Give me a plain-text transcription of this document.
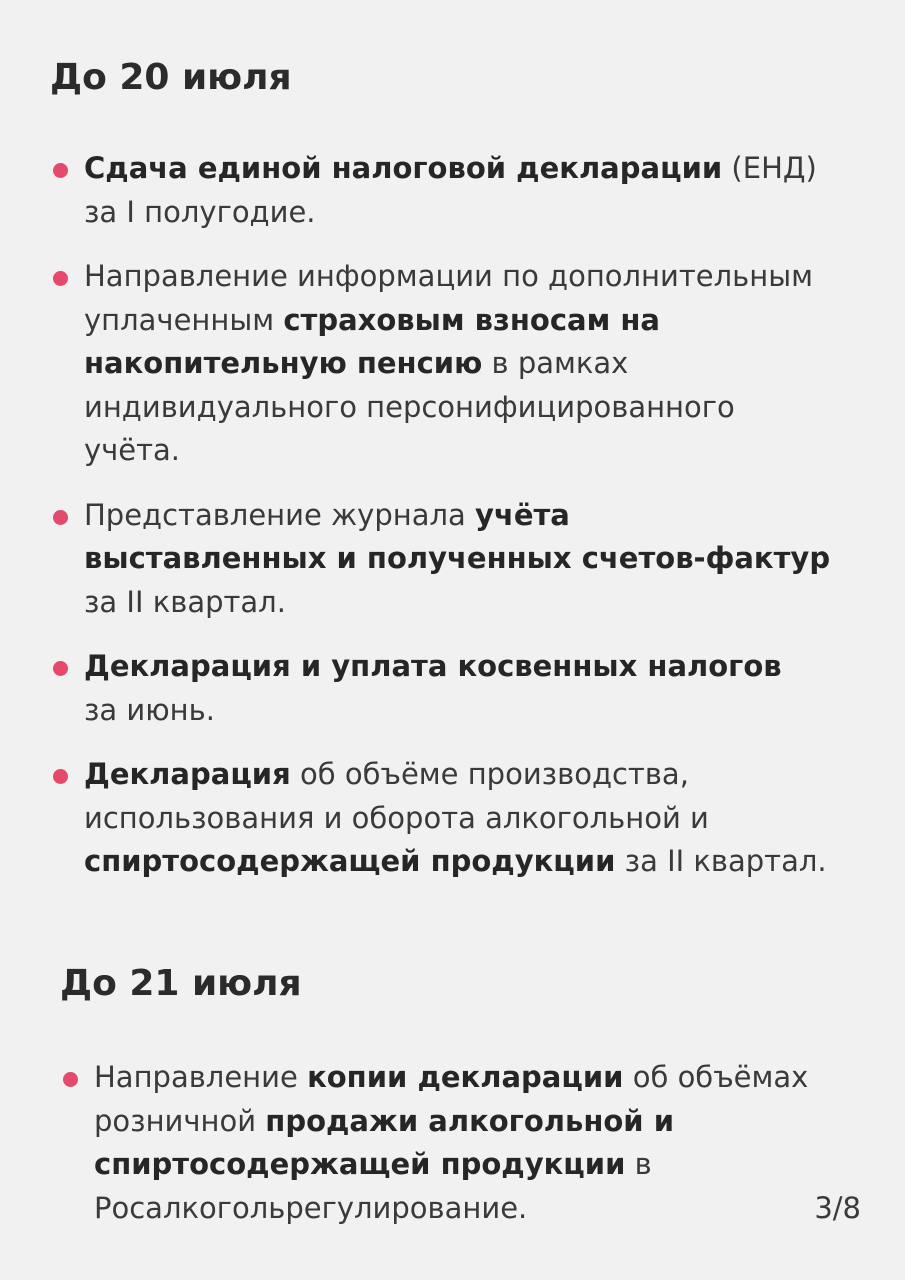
До 20 июля
Сдача единой налоговой декларации (ЕНД)
за I полугодие.
Направление информации по дополнительным
уплаченным страховым взносам на
накопительную пенсию в рамках
индивидуального персонифицированного
учёта.
Представление журнала учёта
выставленных и полученных счетов-фактур
за II квартал.
Декларация и уплата косвенных налогов
за июнь.
Декларация об объёме производства,
использования и оборота алкогольной и
спиртосодержащей продукции за II квартал.
До 21 июля
Направление копии декларации об объёмах
розничной продажи алкогольной и
спиртосодержащей продукции в
Росалкогольрегулирование.	3/8
